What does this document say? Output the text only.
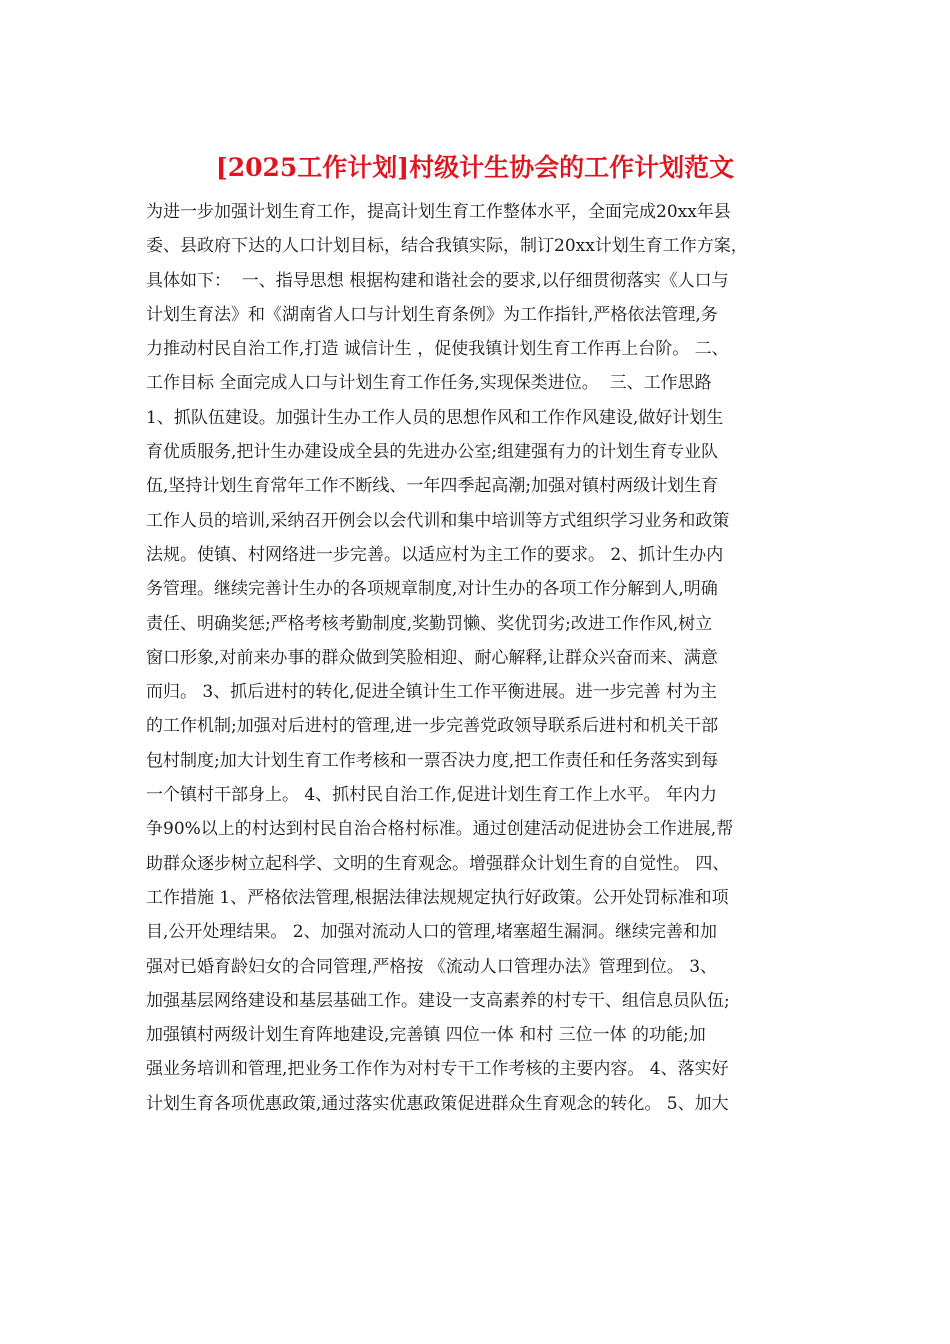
[2025工作计划]村级计生协会的工作计划范文
为进一步加强计划生育工作，提高计划生育工作整体水平，全面完成20xx年县
委、县政府下达的人口计划目标，结合我镇实际，制订20xx计划生育工作方案，
具体如下：  一、指导思想 根据构建和谐社会的要求,以仔细贯彻落实《人口与
计划生育法》和《湖南省人口与计划生育条例》为工作指针,严格依法管理,务
力推动村民自治工作,打造 诚信计生 ，促使我镇计划生育工作再上台阶。 二、
工作目标 全面完成人口与计划生育工作任务,实现保类进位。  三、工作思路
1、抓队伍建设。加强计生办工作人员的思想作风和工作作风建设,做好计划生
育优质服务,把计生办建设成全县的先进办公室;组建强有力的计划生育专业队
伍,坚持计划生育常年工作不断线、一年四季起高潮;加强对镇村两级计划生育
工作人员的培训,采纳召开例会以会代训和集中培训等方式组织学习业务和政策
法规。使镇、村网络进一步完善。以适应村为主工作的要求。 2、抓计生办内
务管理。继续完善计生办的各项规章制度,对计生办的各项工作分解到人,明确
责任、明确奖惩;严格考核考勤制度,奖勤罚懒、奖优罚劣;改进工作作风,树立
窗口形象,对前来办事的群众做到笑脸相迎、耐心解释,让群众兴奋而来、满意
而归。 3、抓后进村的转化,促进全镇计生工作平衡进展。进一步完善 村为主
的工作机制;加强对后进村的管理,进一步完善党政领导联系后进村和机关干部
包村制度;加大计划生育工作考核和一票否决力度,把工作责任和任务落实到每
一个镇村干部身上。 4、抓村民自治工作,促进计划生育工作上水平。 年内力
争90%以上的村达到村民自治合格村标准。通过创建活动促进协会工作进展,帮
助群众逐步树立起科学、文明的生育观念。增强群众计划生育的自觉性。 四、
工作措施 1、严格依法管理,根据法律法规规定执行好政策。公开处罚标准和项
目,公开处理结果。 2、加强对流动人口的管理,堵塞超生漏洞。继续完善和加
强对已婚育龄妇女的合同管理,严格按 《流动人口管理办法》管理到位。 3、
加强基层网络建设和基层基础工作。建设一支高素养的村专干、组信息员队伍;
加强镇村两级计划生育阵地建设,完善镇 四位一体 和村 三位一体 的功能;加
强业务培训和管理,把业务工作作为对村专干工作考核的主要内容。 4、落实好
计划生育各项优惠政策,通过落实优惠政策促进群众生育观念的转化。 5、加大
